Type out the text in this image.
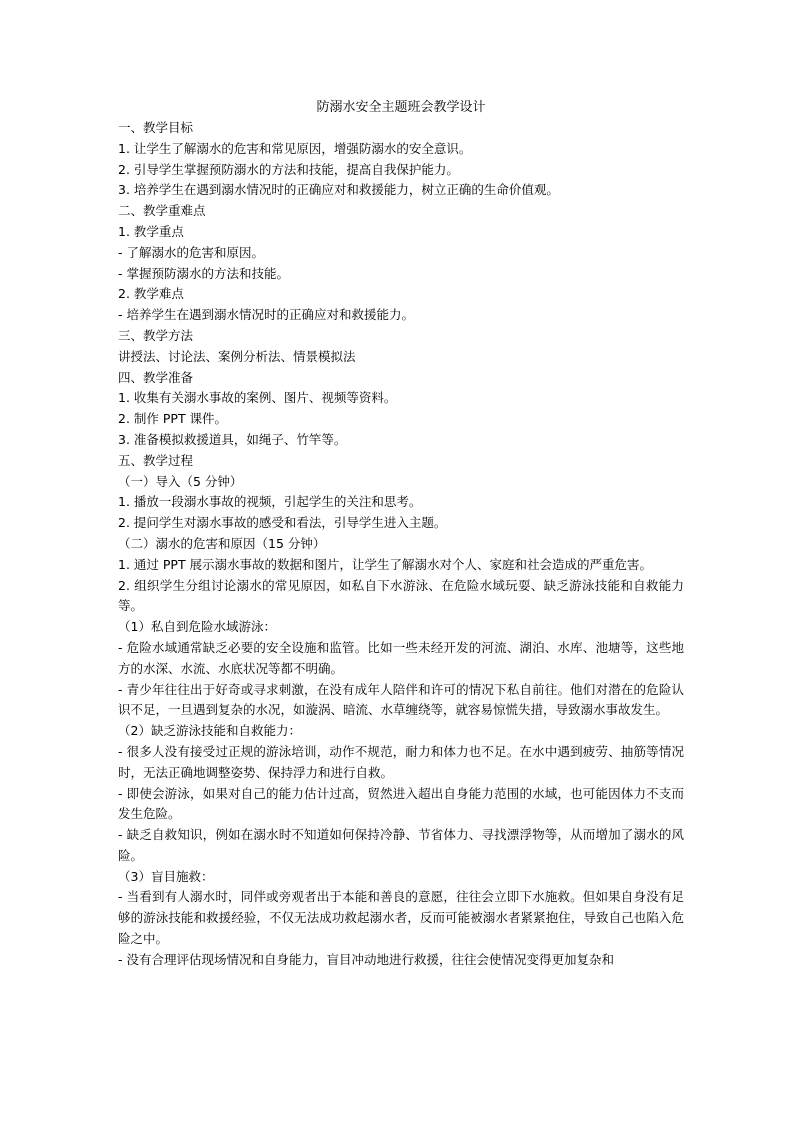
防溺水安全主题班会教学设计
一、教学目标
1. 让学生了解溺水的危害和常见原因，增强防溺水的安全意识。
2. 引导学生掌握预防溺水的方法和技能，提高自我保护能力。
3. 培养学生在遇到溺水情况时的正确应对和救援能力，树立正确的生命价值观。
二、教学重难点
1. 教学重点
- 了解溺水的危害和原因。
- 掌握预防溺水的方法和技能。
2. 教学难点
- 培养学生在遇到溺水情况时的正确应对和救援能力。
三、教学方法
讲授法、讨论法、案例分析法、情景模拟法
四、教学准备
1. 收集有关溺水事故的案例、图片、视频等资料。
2. 制作 PPT 课件。
3. 准备模拟救援道具，如绳子、竹竿等。
五、教学过程
（一）导入（5 分钟）
1. 播放一段溺水事故的视频，引起学生的关注和思考。
2. 提问学生对溺水事故的感受和看法，引导学生进入主题。
（二）溺水的危害和原因（15 分钟）
1. 通过 PPT 展示溺水事故的数据和图片，让学生了解溺水对个人、家庭和社会造成的严重危害。
2. 组织学生分组讨论溺水的常见原因，如私自下水游泳、在危险水域玩耍、缺乏游泳技能和自救能力等。
（1）私自到危险水域游泳：
- 危险水域通常缺乏必要的安全设施和监管。比如一些未经开发的河流、湖泊、水库、池塘等，这些地方的水深、水流、水底状况等都不明确。
- 青少年往往出于好奇或寻求刺激，在没有成年人陪伴和许可的情况下私自前往。他们对潜在的危险认识不足，一旦遇到复杂的水况，如漩涡、暗流、水草缠绕等，就容易惊慌失措，导致溺水事故发生。
（2）缺乏游泳技能和自救能力：
- 很多人没有接受过正规的游泳培训，动作不规范，耐力和体力也不足。在水中遇到疲劳、抽筋等情况时，无法正确地调整姿势、保持浮力和进行自救。
- 即使会游泳，如果对自己的能力估计过高，贸然进入超出自身能力范围的水域，也可能因体力不支而发生危险。
- 缺乏自救知识，例如在溺水时不知道如何保持冷静、节省体力、寻找漂浮物等，从而增加了溺水的风险。
（3）盲目施救：
- 当看到有人溺水时，同伴或旁观者出于本能和善良的意愿，往往会立即下水施救。但如果自身没有足够的游泳技能和救援经验，不仅无法成功救起溺水者，反而可能被溺水者紧紧抱住，导致自己也陷入危险之中。
- 没有合理评估现场情况和自身能力，盲目冲动地进行救援，往往会使情况变得更加复杂和
